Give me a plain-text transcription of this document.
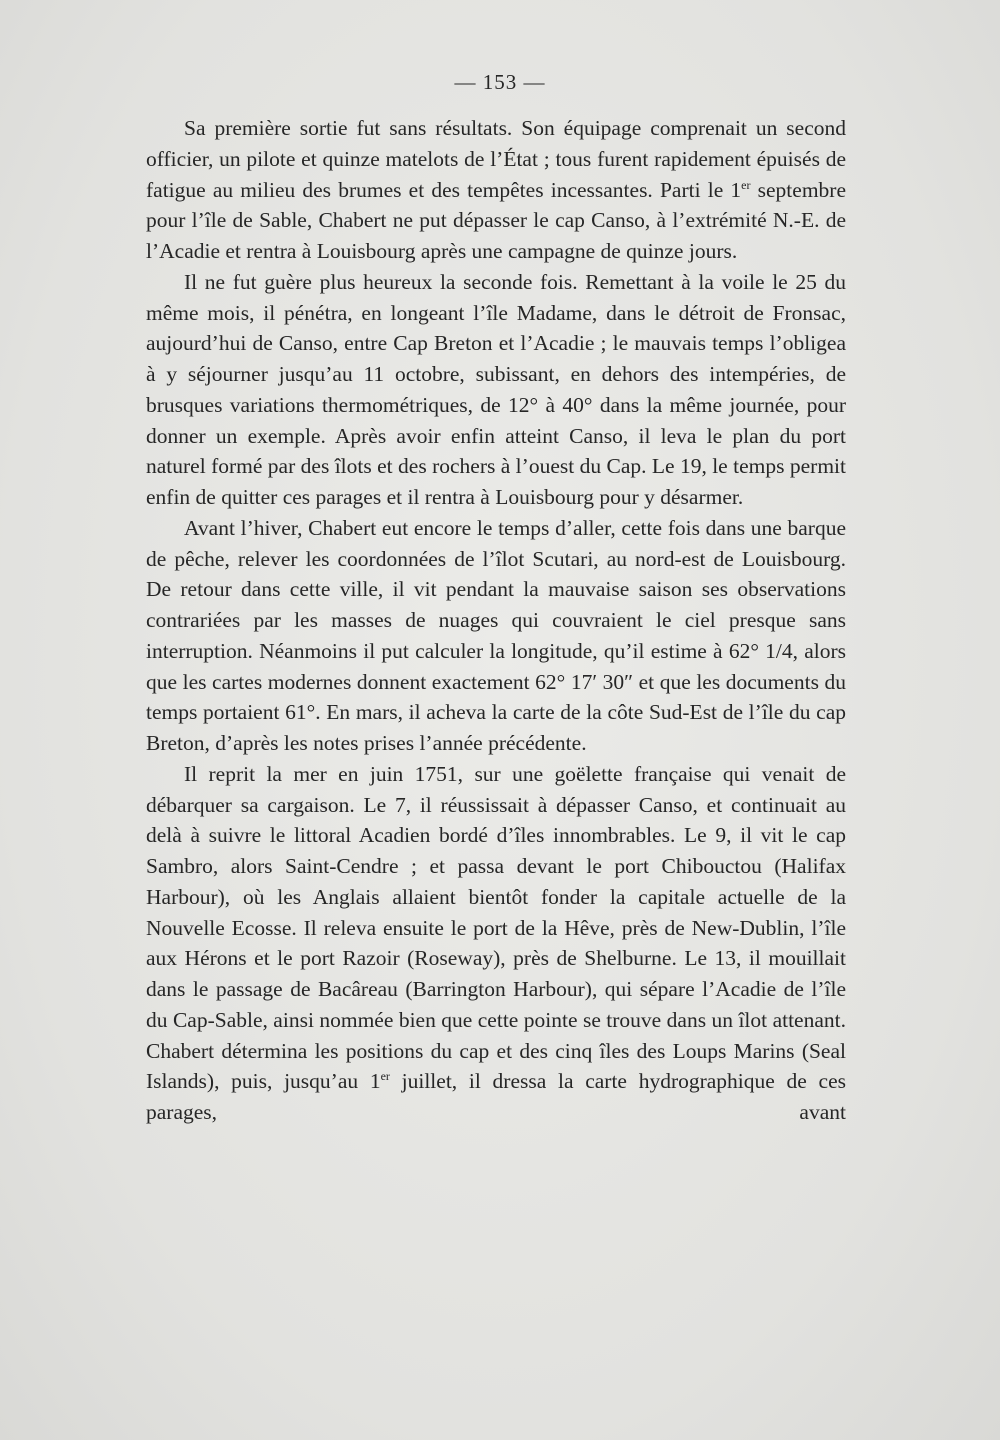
— 153 —

Sa première sortie fut sans résultats. Son équipage comprenait un second officier, un pilote et quinze matelots de l’État ; tous furent rapidement épuisés de fatigue au milieu des brumes et des tempêtes incessantes. Parti le 1er septembre pour l’île de Sable, Chabert ne put dépasser le cap Canso, à l’extrémité N.-E. de l’Acadie et rentra à Louisbourg après une campagne de quinze jours.

Il ne fut guère plus heureux la seconde fois. Remettant à la voile le 25 du même mois, il pénétra, en longeant l’île Madame, dans le détroit de Fronsac, aujourd’hui de Canso, entre Cap Breton et l’Acadie ; le mauvais temps l’obligea à y séjourner jusqu’au 11 octobre, subissant, en dehors des intempéries, de brusques variations thermométriques, de 12° à 40° dans la même journée, pour donner un exemple. Après avoir enfin atteint Canso, il leva le plan du port naturel formé par des îlots et des rochers à l’ouest du Cap. Le 19, le temps permit enfin de quitter ces parages et il rentra à Louisbourg pour y désarmer.

Avant l’hiver, Chabert eut encore le temps d’aller, cette fois dans une barque de pêche, relever les coordonnées de l’îlot Scutari, au nord-est de Louisbourg. De retour dans cette ville, il vit pendant la mauvaise saison ses observations contrariées par les masses de nuages qui couvraient le ciel presque sans interruption. Néanmoins il put calculer la longitude, qu’il estime à 62° 1/4, alors que les cartes modernes donnent exactement 62° 17′ 30″ et que les documents du temps portaient 61°. En mars, il acheva la carte de la côte Sud-Est de l’île du cap Breton, d’après les notes prises l’année précédente.

Il reprit la mer en juin 1751, sur une goëlette française qui venait de débarquer sa cargaison. Le 7, il réussissait à dépasser Canso, et continuait au delà à suivre le littoral Acadien bordé d’îles innombrables. Le 9, il vit le cap Sambro, alors Saint-Cendre ; et passa devant le port Chibouctou (Halifax Harbour), où les Anglais allaient bientôt fonder la capitale actuelle de la Nouvelle Ecosse. Il releva ensuite le port de la Hêve, près de New-Dublin, l’île aux Hérons et le port Razoir (Roseway), près de Shelburne. Le 13, il mouillait dans le passage de Bacâreau (Barrington Harbour), qui sépare l’Acadie de l’île du Cap-Sable, ainsi nommée bien que cette pointe se trouve dans un îlot attenant. Chabert détermina les positions du cap et des cinq îles des Loups Marins (Seal Islands), puis, jusqu’au 1er juillet, il dressa la carte hydrographique de ces parages, avant
